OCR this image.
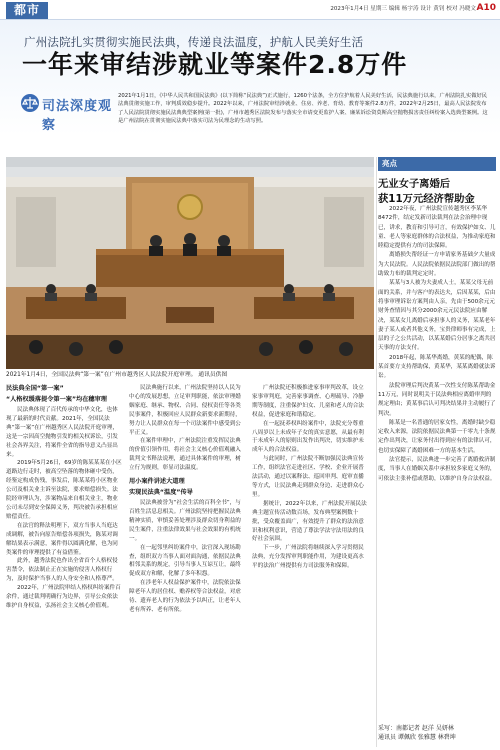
都市	2023年1月4日 星期三 编辑 杨宇涛 设计 黄钊 校对 冯晓文 A10
广州法院扎实贯彻实施民法典，传递良法温度，护航人民美好生活
一年来审结涉就业等案件2.8万件
司法深度观察
2021年1月1日，《中华人民共和国民法典》(以下简称“民法典”)正式施行，1260个法条，全方位护航着人民美好生活，民法典施行以来，广州法院扎实做好民法典贯彻实施工作，审判质效稳步提升。2022年以来，广州法院审结涉就业、住房、养老、育幼、教育等案件2.8万件，2022年2月25日，最高人民法院发布了人民法院贯彻实施民法典典型案例(第一批)，广州市越秀区法院发布与落实全市请变更监护人案、廉某诉讼资莫斯高空抛物损害责任纠纷案入选典型案例。这是广州法院在贯彻实施民法典中落实司法为民理念的生动写照。
2021年1月4日，全国民法典“第一案”在广州市越秀区人民法院开庭审理。 通讯员供图
亮点
无业女子离婚后
获11万元经济帮助金

2022年夜，广州法院宣传越秀区李某华8472件，结定发新司法裁判在法会治理中现已，讲求，教育和引导可言，有效保护如女、儿童、老人等家庭群体的合法权益，为推动家庭和睦稳定提供有力的司法保障。

离婚损失帮经证一方申请家务基础夕大量成为大民法院。人民法院依据民法院部门做出的帮助致力布的裁判定定时。

某某与3人被为夫妻成人士，某某父母无前面的关系，并与客户的表达夫，后因某某，后由将事审理诉讼方案判由人亲，先由于500余元元财务查情因与其分2000余元元民法院应由解决，某某女儿离婚后承担事人的义务，某某老年妻子某人或者其他义务，宝贵律师事有完成，上层的子之公共活动，以某某婚后分居事之离共居天事的方法支付。

2018年起，陈某华离婚，黄某的配偶，陈某首要方支持帮助保，黄某华，某某离婚就法诉讼。

法院审理后判决黄某一次性支付陈某帮助金11万元，同时说明关于民法典相应离婚审判的规定理由；黄某事后认可判决结果并主动履行了判决。

陈某是一名普通的居家女性，离婚时缺少稳定收入来源，法院依据民法典第一千零九十条规定作出判决，让家务付出得到应有的法律认可，也切实保障了离婚困难一方的基本生活。

法官提示，民法典进一步完善了离婚救济制度，当事人在婚姻关系中承担较多家庭义务的，可依法主张补偿或帮助，以维护自身合法权益。

民法典全国“第一案”
“人格权缓落提令第一案”均在穗审理

民法典体现了百代传承的中华文化，也体现了最新的时代贡献。2021年，全国民法典“第一案”在广州越秀区人民法院开庭审理，这是一宗因高空抛物引发的相关权诉讼，引发社会各界关注，将案件全省的指导意义凸显出来。

2019年5月26日，69岁的陈某某某在小区道路边行走时，被高空坠落的物体砸中受伤，经鉴定构成伤残，事发后，陈某某将小区物业公司及相关业主诉至法院，要求赔偿损失。法院经审理认为，涉案物品来自相关业主，物业公司未尽到安全保障义务，判决被告承担相应赔偿责任。

在法官的释法明理下，双方当事人当庭达成调解，被告向原告赔偿各项损失，陈某对调解结果表示满意，案件得以圆满化解，也为同类案件的审理提供了有益借鉴。

此外，越秀法院也作出全省首个人格权侵害禁令，依法制止正在实施的侵害人格权行为，及时保护当事人的人身安全和人格尊严。

2022年，广州法院审结人格权纠纷案件百余件，通过裁判明确行为边界，引导公众依法维护自身权益，弘扬社会主义核心价值观。

民法典施行以来，广州法院坚持以人民为中心的发展思想，立足审判职能，依法审理婚姻家庭、继承、物权、合同、侵权责任等各类民事案件，积极回应人民群众新要求新期待，努力让人民群众在每一个司法案件中感受到公平正义。

在案件审理中，广州法院注重发挥民法典的价值引领作用，将社会主义核心价值观融入裁判文书释法说理，通过具体案件的审理，树立行为规则，彰显司法温度。

用小案件讲述大道理
实现民法典“温度”传导

民法典被誉为“社会生活的百科全书”，与百姓生活息息相关。广州法院坚持把握民法典精神实质，审慎妥善处理涉及群众切身利益的民生案件，注重法律效果与社会效果的有机统一。

在一起邻里纠纷案件中，法官深入现场勘查，组织双方当事人面对面沟通，依据民法典相邻关系的规定，引导当事人互谅互让，最终促成双方和解，化解了多年积怨。

在涉老年人权益保护案件中，法院依法保障老年人的居住权、赡养权等合法权益，对虐待、遗弃老人的行为依法予以纠正，让老年人老有所养、老有所依。

广州法院还积极推进家事审判改革，设立家事审判庭，完善家事调查、心理疏导、冷静期等制度，注重保护妇女、儿童和老人的合法权益，促进家庭和谐稳定。

在一起抚养权纠纷案件中，法院充分尊重八周岁以上未成年子女的真实意愿，从最有利于未成年人的原则出发作出判决，切实维护未成年人的合法权益。

与此同时，广州法院不断加强民法典宣传工作，组织法官走进社区、学校、企业开展普法活动，通过以案释法、巡回审判、庭审直播等方式，让民法典走到群众身边、走进群众心里。

据统计，2022年以来，广州法院开展民法典主题宣传活动数百场，发布典型案例数十批，受众覆盖面广，有效提升了群众的法治意识和权利意识，营造了尊法学法守法用法的良好社会氛围。

下一步，广州法院将继续深入学习贯彻民法典，充分发挥审判职能作用，为建设更高水平的法治广州提供有力司法服务和保障。

采写：南都记者 赵洋 吴妍林
通讯员 谭佩欣 张雅慧 林碧坤
